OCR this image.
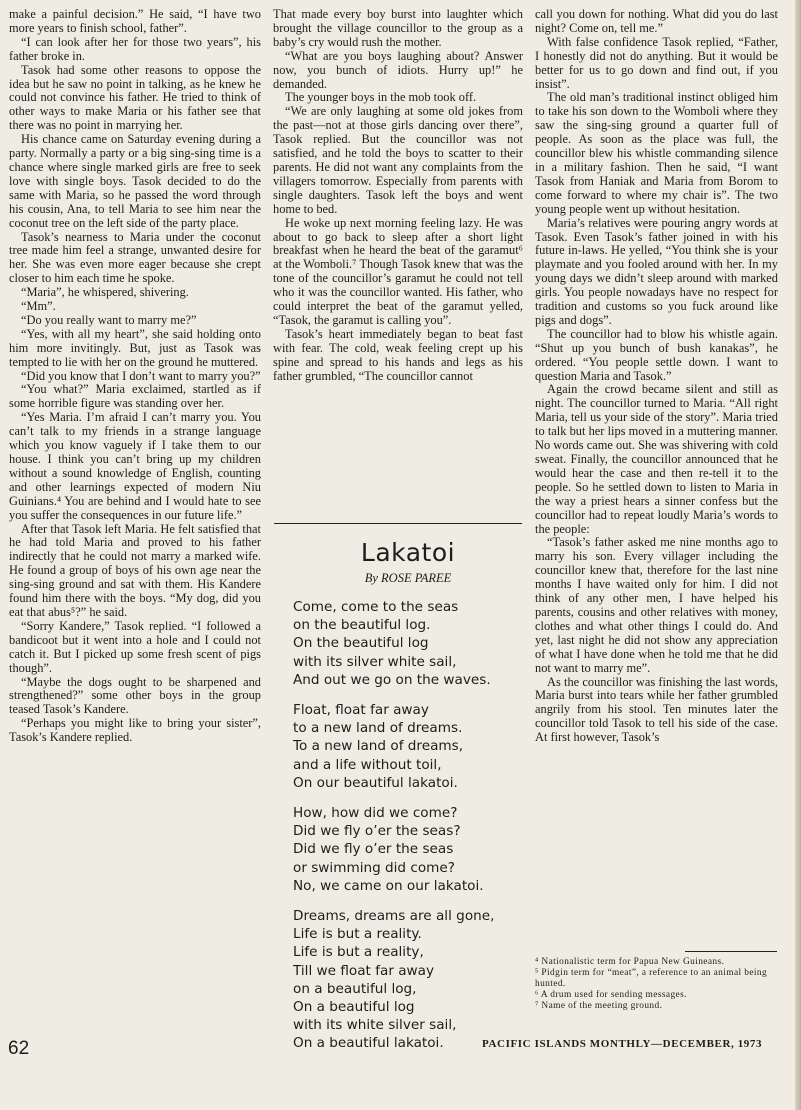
make a painful decision.” He said, “I have two more years to finish school, father”.

“I can look after her for those two years”, his father broke in.

Tasok had some other reasons to oppose the idea but he saw no point in talking, as he knew he could not convince his father. He tried to think of other ways to make Maria or his father see that there was no point in marrying her.

His chance came on Saturday evening during a party. Normally a party or a big sing-sing time is a chance where single marked girls are free to seek love with single boys. Tasok decided to do the same with Maria, so he passed the word through his cousin, Ana, to tell Maria to see him near the coconut tree on the left side of the party place.

Tasok’s nearness to Maria under the coconut tree made him feel a strange, unwanted desire for her. She was even more eager because she crept closer to him each time he spoke.

“Maria”, he whispered, shivering.

“Mm”.

“Do you really want to marry me?”

“Yes, with all my heart”, she said holding onto him more invitingly. But, just as Tasok was tempted to lie with her on the ground he muttered.

“Did you know that I don’t want to marry you?”

“You what?” Maria exclaimed, startled as if some horrible figure was standing over her.

“Yes Maria. I’m afraid I can’t marry you. You can’t talk to my friends in a strange language which you know vaguely if I take them to our house. I think you can’t bring up my children without a sound knowledge of English, counting and other learnings expected of modern Niu Guinians.⁴ You are behind and I would hate to see you suffer the consequences in our future life.”

After that Tasok left Maria. He felt satisfied that he had told Maria and proved to his father indirectly that he could not marry a marked wife. He found a group of boys of his own age near the sing-sing ground and sat with them. His Kandere found him there with the boys. “My dog, did you eat that abus⁵?” he said.

“Sorry Kandere,” Tasok replied. “I followed a bandicoot but it went into a hole and I could not catch it. But I picked up some fresh scent of pigs though”.

“Maybe the dogs ought to be sharpened and strengthened?” some other boys in the group teased Tasok’s Kandere.

“Perhaps you might like to bring your sister”, Tasok’s Kandere replied.

That made every boy burst into laughter which brought the village councillor to the group as a baby’s cry would rush the mother.

“What are you boys laughing about? Answer now, you bunch of idiots. Hurry up!” he demanded.

The younger boys in the mob took off.

“We are only laughing at some old jokes from the past—not at those girls dancing over there”, Tasok replied. But the councillor was not satisfied, and he told the boys to scatter to their parents. He did not want any complaints from the villagers tomorrow. Especially from parents with single daughters. Tasok left the boys and went home to bed.

He woke up next morning feeling lazy. He was about to go back to sleep after a short light breakfast when he heard the beat of the garamut⁶ at the Womboli.⁷ Though Tasok knew that was the tone of the councillor’s garamut he could not tell who it was the councillor wanted. His father, who could interpret the beat of the garamut yelled, “Tasok, the garamut is calling you”.

Tasok’s heart immediately began to beat fast with fear. The cold, weak feeling crept up his spine and spread to his hands and legs as his father grumbled, “The councillor cannot

Lakatoi
By ROSE PAREE
Come, come to the seas
on the beautiful log.
On the beautiful log
with its silver white sail,
And out we go on the waves.
Float, float far away
to a new land of dreams.
To a new land of dreams,
and a life without toil,
On our beautiful lakatoi.
How, how did we come?
Did we fly o’er the seas?
Did we fly o’er the seas
or swimming did come?
No, we came on our lakatoi.
Dreams, dreams are all gone,
Life is but a reality.
Life is but a reality,
Till we float far away
on a beautiful log,
On a beautiful log
with its white silver sail,
On a beautiful lakatoi.

call you down for nothing. What did you do last night? Come on, tell me.”

With false confidence Tasok replied, “Father, I honestly did not do anything. But it would be better for us to go down and find out, if you insist”.

The old man’s traditional instinct obliged him to take his son down to the Womboli where they saw the sing-sing ground a quarter full of people. As soon as the place was full, the councillor blew his whistle commanding silence in a military fashion. Then he said, “I want Tasok from Haniak and Maria from Borom to come forward to where my chair is”. The two young people went up without hesitation.

Maria’s relatives were pouring angry words at Tasok. Even Tasok’s father joined in with his future in-laws. He yelled, “You think she is your playmate and you fooled around with her. In my young days we didn’t sleep around with marked girls. You people nowadays have no respect for tradition and customs so you fuck around like pigs and dogs”.

The councillor had to blow his whistle again. “Shut up you bunch of bush kanakas”, he ordered. “You people settle down. I want to question Maria and Tasok.”

Again the crowd became silent and still as night. The councillor turned to Maria. “All right Maria, tell us your side of the story”. Maria tried to talk but her lips moved in a muttering manner. No words came out. She was shivering with cold sweat. Finally, the councillor announced that he would hear the case and then re-tell it to the people. So he settled down to listen to Maria in the way a priest hears a sinner confess but the councillor had to repeat loudly Maria’s words to the people:

“Tasok’s father asked me nine months ago to marry his son. Every villager including the councillor knew that, therefore for the last nine months I have waited only for him. I did not think of any other men, I have helped his parents, cousins and other relatives with money, clothes and what other things I could do. And yet, last night he did not show any appreciation of what I have done when he told me that he did not want to marry me”.

As the councillor was finishing the last words, Maria burst into tears while her father grumbled angrily from his stool. Ten minutes later the councillor told Tasok to tell his side of the case. At first however, Tasok’s

⁴ Nationalistic term for Papua New Guineans.
⁵ Pidgin term for “meat”, a reference to an animal being hunted.
⁶ A drum used for sending messages.
⁷ Name of the meeting ground.
62	PACIFIC ISLANDS MONTHLY—DECEMBER, 1973
